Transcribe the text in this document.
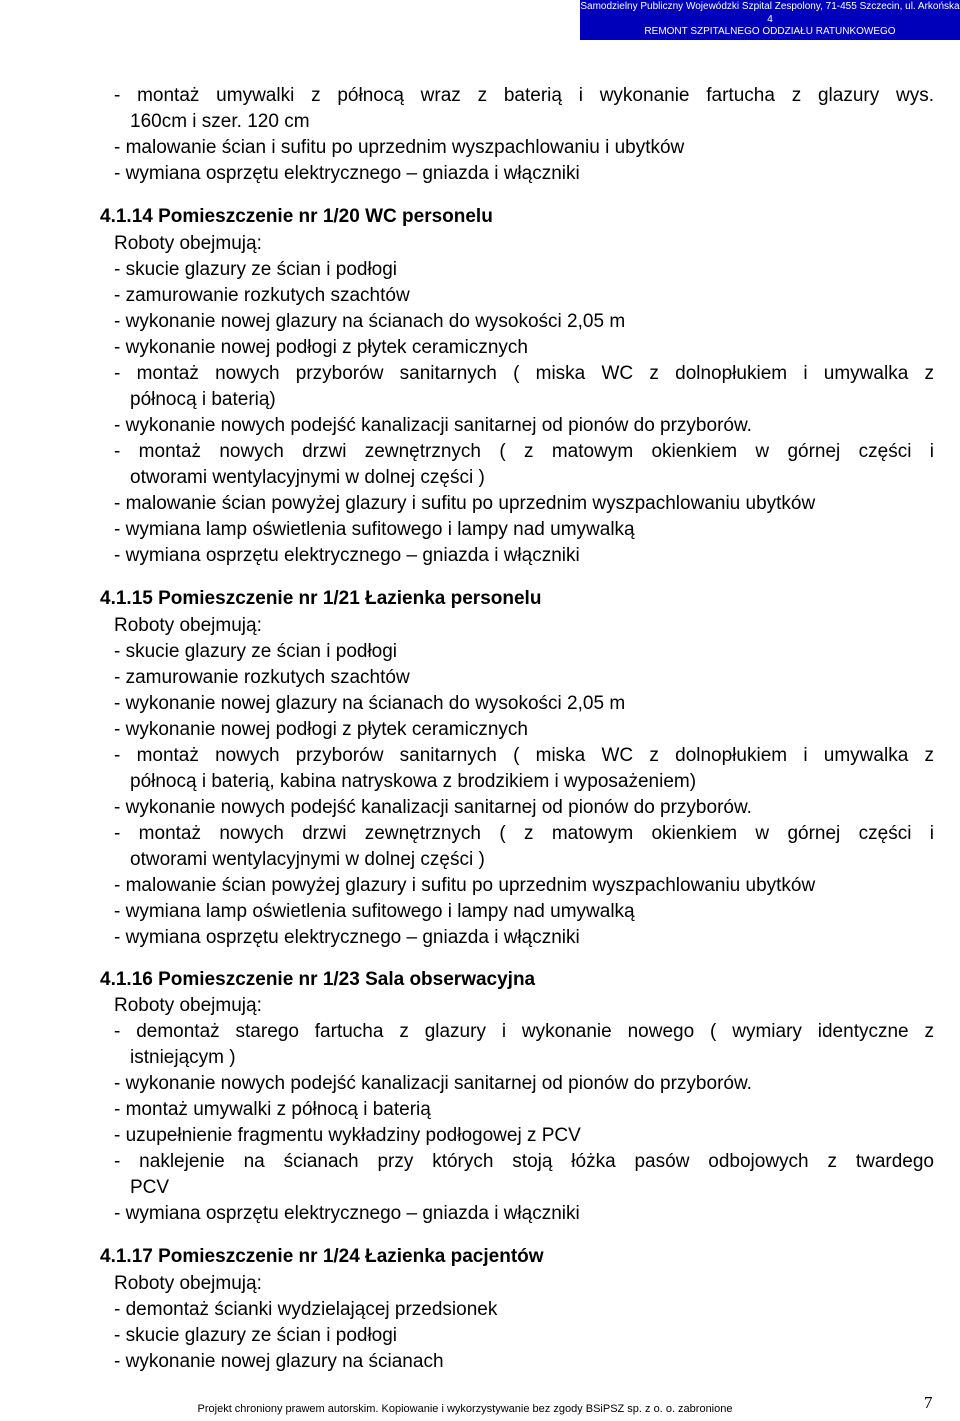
Samodzielny Publiczny Wojewódzki Szpital Zespolony, 71-455 Szczecin, ul. Arkońska 4
REMONT SZPITALNEGO ODDZIAŁU RATUNKOWEGO
PROJEKT BUDOWLANY
- montaż umywalki z północą wraz z baterią i wykonanie fartucha z glazury wys.
160cm i szer. 120 cm
- malowanie ścian i sufitu po uprzednim wyszpachlowaniu i ubytków
- wymiana osprzętu elektrycznego – gniazda i włączniki
4.1.14 Pomieszczenie nr 1/20 WC personelu
Roboty obejmują:
- skucie glazury ze ścian i podłogi
- zamurowanie rozkutych szachtów
- wykonanie nowej glazury na ścianach do wysokości 2,05 m
- wykonanie nowej podłogi z płytek ceramicznych
- montaż nowych przyborów sanitarnych ( miska WC z dolnopłukiem i umywalka z
północą i baterią)
- wykonanie nowych podejść kanalizacji sanitarnej od pionów do przyborów.
- montaż nowych drzwi zewnętrznych ( z matowym okienkiem w górnej części i
otworami wentylacyjnymi w dolnej części )
- malowanie ścian powyżej glazury i sufitu po uprzednim wyszpachlowaniu ubytków
- wymiana lamp oświetlenia sufitowego i lampy nad umywalką
- wymiana osprzętu elektrycznego – gniazda i włączniki
4.1.15 Pomieszczenie nr 1/21 Łazienka personelu
Roboty obejmują:
- skucie glazury ze ścian i podłogi
- zamurowanie rozkutych szachtów
- wykonanie nowej glazury na ścianach do wysokości 2,05 m
- wykonanie nowej podłogi z płytek ceramicznych
- montaż nowych przyborów sanitarnych ( miska WC z dolnopłukiem i umywalka z
północą i baterią, kabina natryskowa z brodzikiem i wyposażeniem)
- wykonanie nowych podejść kanalizacji sanitarnej od pionów do przyborów.
- montaż nowych drzwi zewnętrznych ( z matowym okienkiem w górnej części i
otworami wentylacyjnymi w dolnej części )
- malowanie ścian powyżej glazury i sufitu po uprzednim wyszpachlowaniu ubytków
- wymiana lamp oświetlenia sufitowego i lampy nad umywalką
- wymiana osprzętu elektrycznego – gniazda i włączniki
4.1.16 Pomieszczenie nr 1/23 Sala obserwacyjna
Roboty obejmują:
- demontaż starego fartucha z glazury i wykonanie nowego ( wymiary identyczne z
istniejącym )
- wykonanie nowych podejść kanalizacji sanitarnej od pionów do przyborów.
- montaż umywalki z północą i baterią
- uzupełnienie fragmentu wykładziny podłogowej z PCV
- naklejenie na ścianach przy których stoją łóżka pasów odbojowych z twardego
PCV
- wymiana osprzętu elektrycznego – gniazda i włączniki
4.1.17 Pomieszczenie nr 1/24 Łazienka pacjentów
Roboty obejmują:
- demontaż ścianki wydzielającej przedsionek
- skucie glazury ze ścian i podłogi
- wykonanie nowej glazury na ścianach
Projekt chroniony prawem autorskim. Kopiowanie i wykorzystywanie bez zgody BSiPSZ sp. z o. o. zabronione	7
